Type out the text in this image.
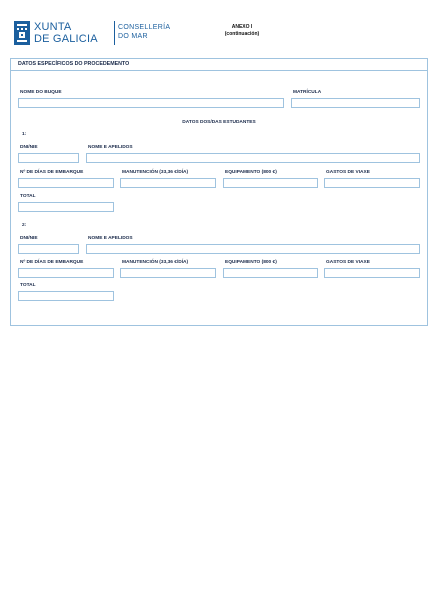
XUNTA
DE GALICIA
CONSELLERÍA
DO MAR
ANEXO I
(continuación)
DATOS ESPECÍFICOS DO PROCEDEMENTO
NOME DO BUQUE	MATRÍCULA
DATOS DOS/DAS ESTUDANTES
1:
DNI/NIE	NOME E APELIDOS
Nº DE DÍAS DE EMBARQUE	MANUTENCIÓN (33,36 €/DÍA)	EQUIPAMENTO (800 €)	GASTOS DE VIAXE
TOTAL
2:
DNI/NIE	NOME E APELIDOS
Nº DE DÍAS DE EMBARQUE	MANUTENCIÓN (33,36 €/DÍA)	EQUIPAMENTO (800 €)	GASTOS DE VIAXE
TOTAL
